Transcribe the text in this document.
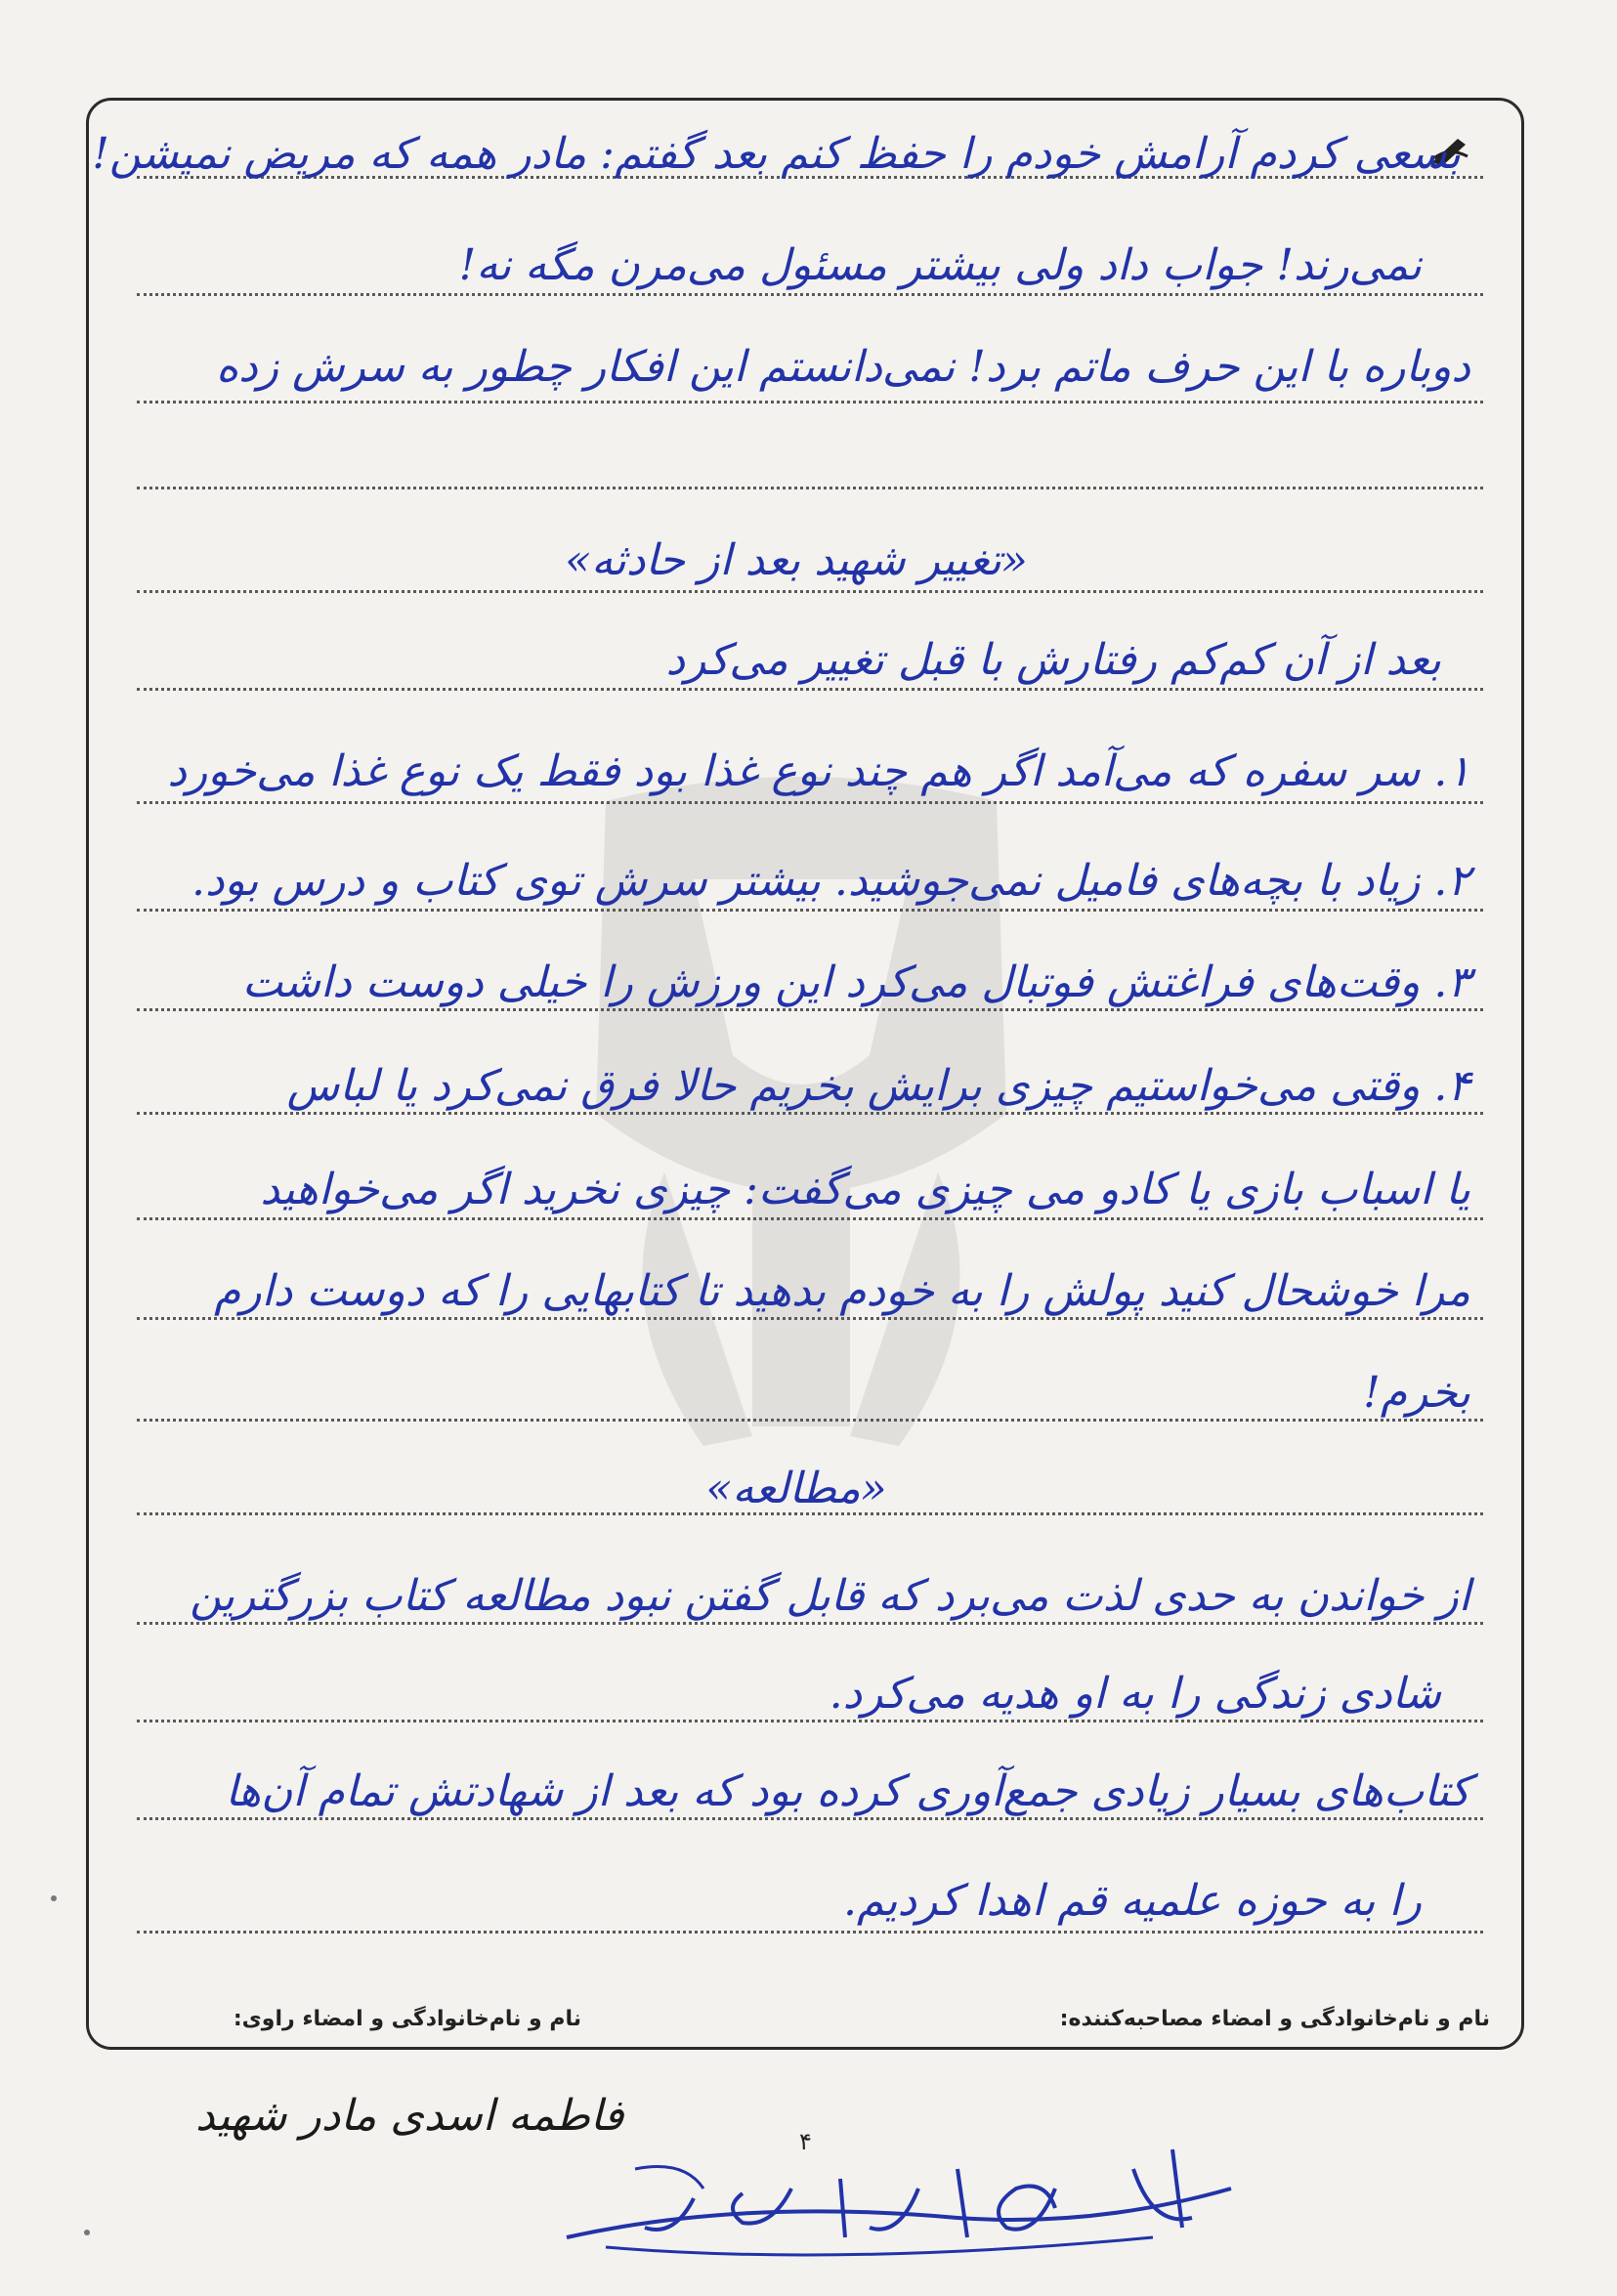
بسعی کردم آرامش خودم را حفظ کنم بعد گفتم: مادر همه که مریض نمیشن!
نمی‌رند! جواب داد ولی بیشتر مسئول می‌مرن مگه نه!
دوباره با این حرف ماتم برد! نمی‌دانستم این افکار چطور به سرش زده
«تغییر شهید بعد از حادثه»
بعد از آن کم‌کم رفتارش با قبل تغییر می‌کرد
۱. سر سفره که می‌آمد اگر هم چند نوع غذا بود فقط یک نوع غذا می‌خورد
۲. زیاد با بچه‌های فامیل نمی‌جوشید. بیشتر سرش توی کتاب و درس بود.
۳. وقت‌های فراغتش فوتبال می‌کرد این ورزش را خیلی دوست داشت
۴. وقتی می‌خواستیم چیزی برایش بخریم حالا فرق نمی‌کرد یا لباس
یا اسباب بازی یا کادو می چیزی می‌گفت: چیزی نخرید اگر می‌خواهید
مرا خوشحال کنید پولش را به خودم بدهید تا کتابهایی را که دوست دارم
بخرم!
«مطالعه»
از خواندن به حدی لذت می‌برد که قابل گفتن نبود مطالعه کتاب بزرگترین
شادی زندگی را به او هدیه می‌کرد.
کتاب‌های بسیار زیادی جمع‌آوری کرده بود که بعد از شهادتش تمام آن‌ها
را به حوزه علمیه قم اهدا کردیم.
نام و نام‌خانوادگی و امضاء مصاحبه‌کننده:
نام و نام‌خانوادگی و امضاء راوی:
فاطمه اسدی مادر شهید
۴
